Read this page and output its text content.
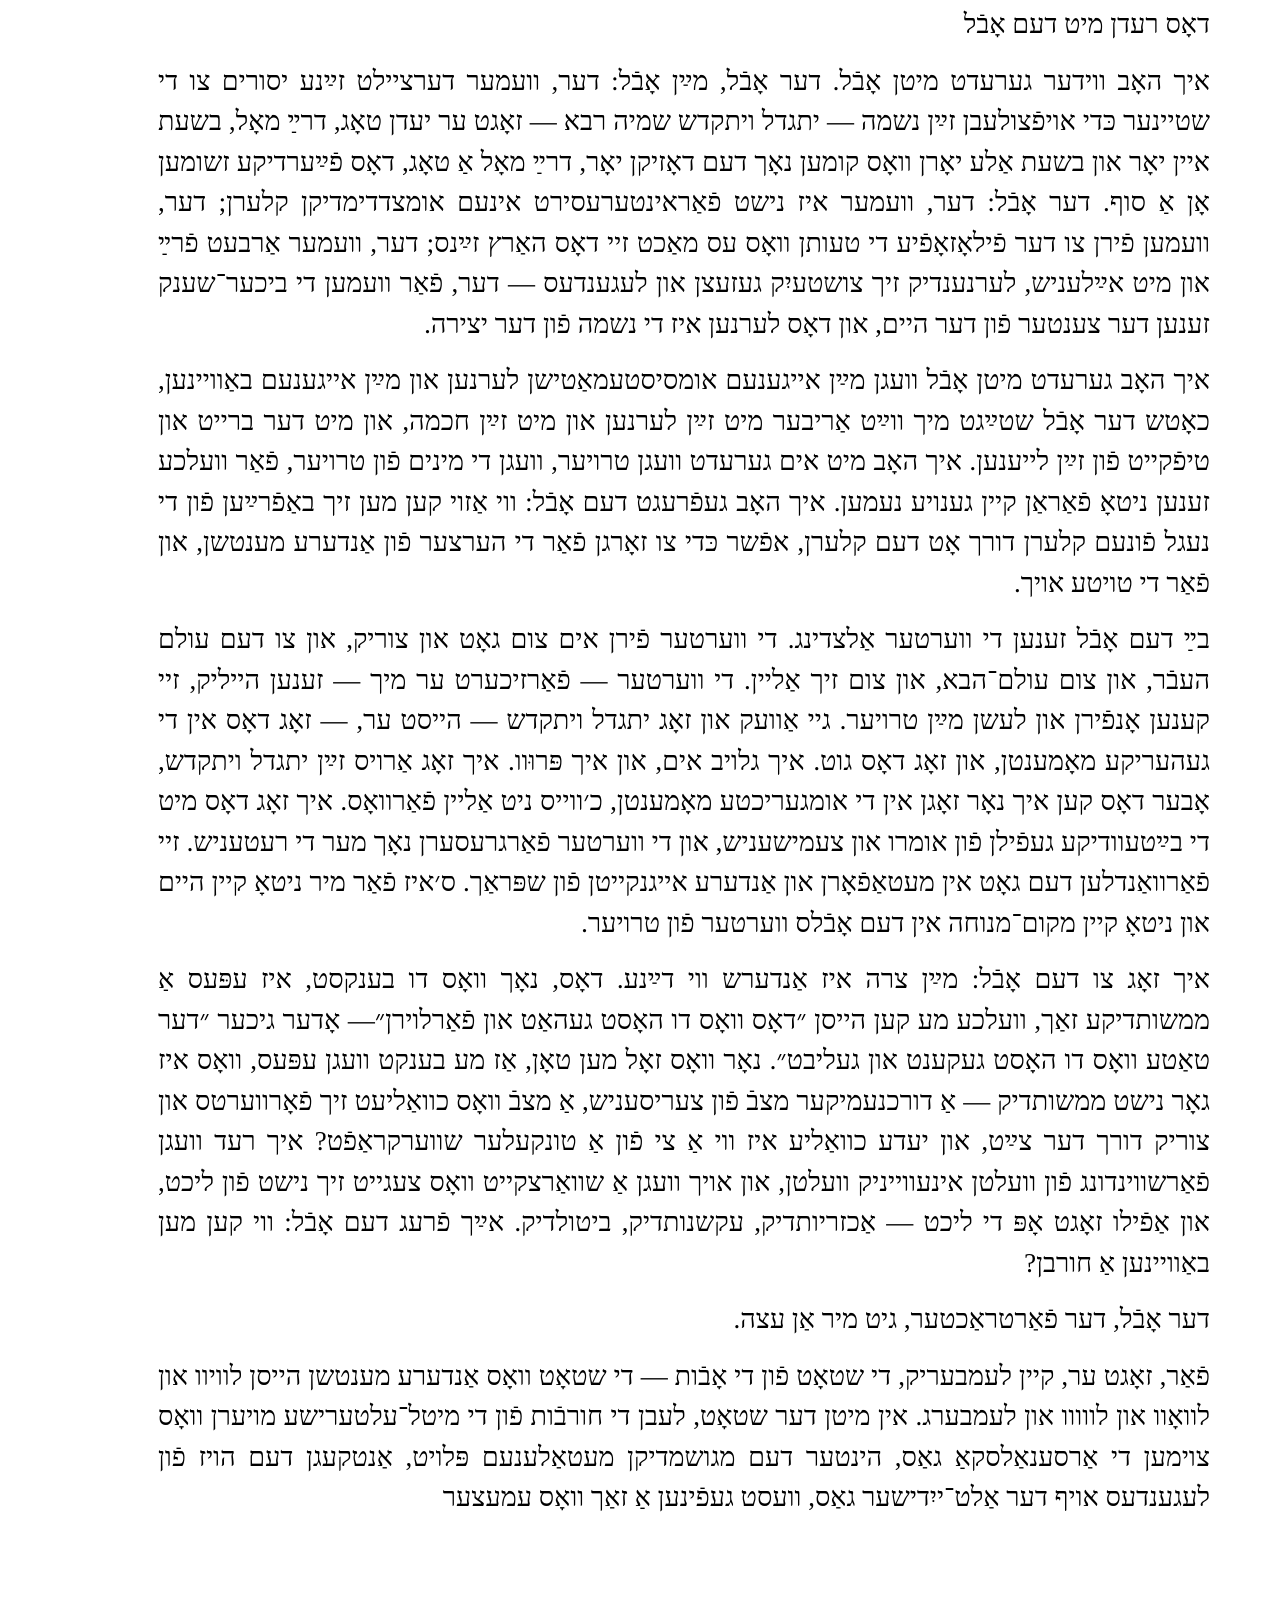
דאָס רעדן מיט דעם אָבֿל

איך האָב ווידער גערעדט מיטן אָבֿל. דער אָבֿל, מײַן אָבֿל: דער, וועמער דערציילט זײַנע יסורים צו די שטיינער כּדי אויפֿצולעבן זײַן נשמה — יתגדל ויתקדש שמיה רבא — זאָגט ער יעדן טאָג, דרײַ מאָל, בשעת איין יאָר און בשעת אַלע יאָרן וואָס קומען נאָך דעם דאָזיקן יאָר, דרײַ מאָל אַ טאָג, דאָס פֿײַערדיקע זשומען אָן אַ סוף. דער אָבֿל: דער, וועמער איז נישט פֿאַראינטערעסירט אינעם אומצדדימדיקן קלערן; דער, וועמען פֿירן צו דער פֿילאָזאָפֿיע די טעותן וואָס עס מאַכט זיי דאָס האַרץ זײַנס; דער, וועמער אַרבעט פֿרײַ און מיט אײַלעניש, לערנענדיק זיך צושטעיִק געזעצן און לעגענדעס — דער, פֿאַר וועמען די ביכער־שענק זענען דער צענטער פֿון דער היים, און דאָס לערנען איז די נשמה פֿון דער יצירה.

איך האָב גערעדט מיטן אָבֿל וועגן מײַן אייגענעם אומסיסטעמאַטישן לערנען און מײַן אייגענעם באַוויינען, כאָטש דער אָבֿל שטײַגט מיך ווײַט אַריבער מיט זײַן לערנען און מיט זײַן חכמה, און מיט דער ברייט און טיפֿקייט פֿון זײַן לייענען. איך האָב מיט אים גערעדט וועגן טרויער, וועגן די מינים פֿון טרויער, פֿאַר וועלכע זענען ניטאָ פֿאַראַן קיין גענויע נעמען. איך האָב געפֿרעגט דעם אָבֿל: ווי אַזוי קען מען זיך באַפֿרײַען פֿון די נעגל פֿונעם קלערן דורך אָט דעם קלערן, אפֿשר כּדי צו זאָרגן פֿאַר די הערצער פֿון אַנדערע מענטשן, און פֿאַר די טויטע אויך.

בײַ דעם אָבֿל זענען די ווערטער אַלצדינג. די ווערטער פֿירן אים צום גאָט און צוריק, און צו דעם עולם העבֿר, און צום עולם־הבא, און צום זיך אַליין. די ווערטער — פֿאַרזיכערט ער מיך — זענען הייליק, זיי קענען אָנפֿירן און לעשן מײַן טרויער. גיי אַוועק און זאָג יתגדל ויתקדש — הייסט ער, — זאָג דאָס אין די געהעריקע מאָמענטן, און זאָג דאָס גוט. איך גלויב אים, און איך פּרוּוו. איך זאָג אַרויס זײַן יתגדל ויתקדש, אָבער דאָס קען איך נאָר זאָגן אין די אומגעריכטע מאָמענטן, כ׳ווייס ניט אַליין פֿאַרוואָס. איך זאָג דאָס מיט די בײַטעוודיקע געפֿילן פֿון אומרו און צעמישעניש, און די ווערטער פֿאַרגרעסערן נאָך מער די רעטעניש. זיי פֿאַרוואַנדלען דעם גאָט אין מעטאַפֿאָרן און אַנדערע אייגנקייטן פֿון שפּראַך. ס׳איז פֿאַר מיר ניטאָ קיין היים און ניטאָ קיין מקום־מנוחה אין דעם אָבֿלס ווערטער פֿון טרויער.

איך זאָג צו דעם אָבֿל: מײַן צרה איז אַנדערש ווי דײַנע. דאָס, נאָך וואָס דו בענקסט, איז עפּעס אַ ממשותדיקע זאַך, וועלכע מע קען הייסן ״דאָס וואָס דו האָסט געהאַט און פֿאַרלוירן״— אָדער גיכער ״דער טאַטע וואָס דו האָסט געקענט און געליבט״. נאָר וואָס זאָל מען טאָן, אַז מע בענקט וועגן עפּעס, וואָס איז גאָר נישט ממשותדיק — אַ דורכנעמיקער מצבֿ פֿון צעריסעניש, אַ מצבֿ וואָס כוואַליעט זיך פֿאָרווערטס און צוריק דורך דער צײַט, און יעדע כוואַליע איז ווי אַ צי פֿון אַ טונקעלער שווערקראַפֿט? איך רעד וועגן פֿאַרשווינדונג פֿון וועלטן אינעווייניק וועלטן, און אויך וועגן אַ שוואַרצקייט וואָס צעגייט זיך נישט פֿון ליכט, און אַפֿילו זאָגט אָפּ די ליכט — אַכזריותדיק, עקשנותדיק, ביטולדיק. אײַך פֿרעג דעם אָבֿל: ווי קען מען באַוויינען אַ חורבן?

דער אָבֿל, דער פֿאַרטראַכטער, גיט מיר אַן עצה.

פֿאַר, זאָגט ער, קיין לעמבעריק, די שטאָט פֿון די אָבֿות — די שטאָט וואָס אַנדערע מענטשן הייסן לוויוו און לוואָוו און לווווו און לעמבערג. אין מיטן דער שטאָט, לעבן די חורבֿות פֿון די מיטל־עלטערישע מויערן וואָס צוימען די אַרסענאַלסקאַ גאַס, הינטער דעם מגושמדיקן מעטאַלענעם פּלויט, אַנטקעגן דעם הויז פֿון לעגענדעס אויף דער אַלט־ייִדישער גאַס, וועסט געפֿינען אַ זאַך וואָס עמעצער
